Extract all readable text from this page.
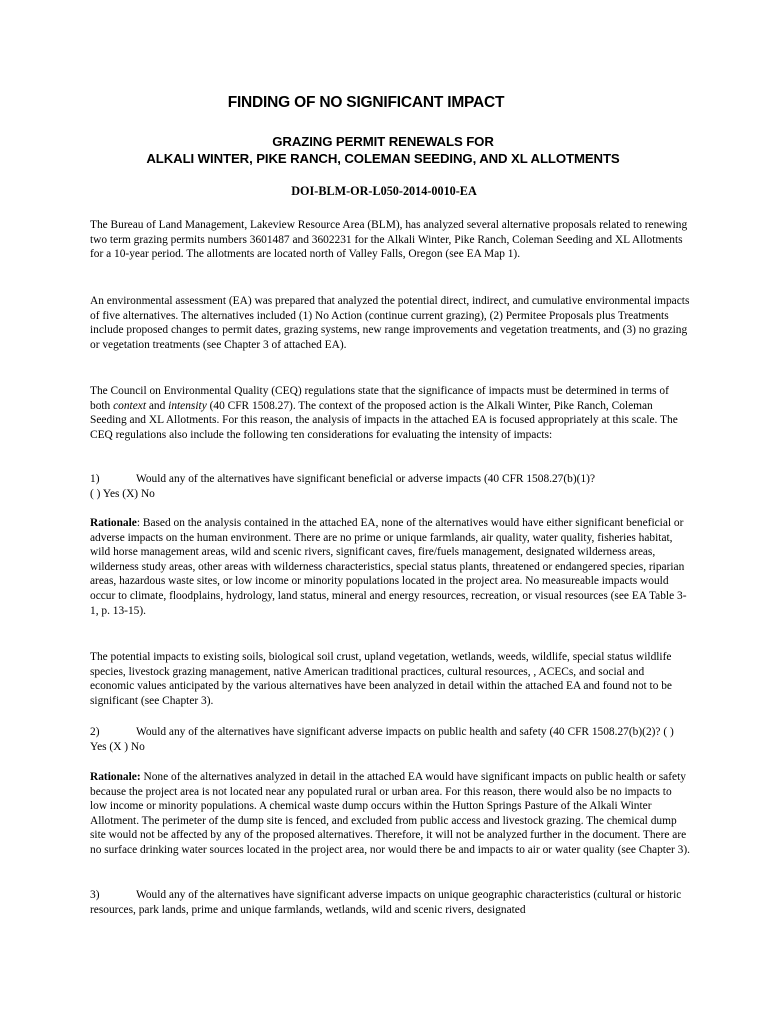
FINDING OF NO SIGNIFICANT IMPACT
GRAZING PERMIT RENEWALS FOR
ALKALI WINTER, PIKE RANCH, COLEMAN SEEDING, AND XL ALLOTMENTS
DOI-BLM-OR-L050-2014-0010-EA

The Bureau of Land Management, Lakeview Resource Area (BLM), has analyzed several alternative proposals related to renewing two term grazing permits numbers 3601487 and 3602231 for the Alkali Winter, Pike Ranch, Coleman Seeding and XL Allotments for a 10-year period. The allotments are located north of Valley Falls, Oregon (see EA Map 1).

An environmental assessment (EA) was prepared that analyzed the potential direct, indirect, and cumulative environmental impacts of five alternatives. The alternatives included (1) No Action (continue current grazing), (2) Permitee Proposals plus Treatments include proposed changes to permit dates, grazing systems, new range improvements and vegetation treatments, and (3) no grazing or vegetation treatments (see Chapter 3 of attached EA).

The Council on Environmental Quality (CEQ) regulations state that the significance of impacts must be determined in terms of both context and intensity (40 CFR 1508.27). The context of the proposed action is the Alkali Winter, Pike Ranch, Coleman Seeding and XL Allotments. For this reason, the analysis of impacts in the attached EA is focused appropriately at this scale. The CEQ regulations also include the following ten considerations for evaluating the intensity of impacts:

1)	Would any of the alternatives have significant beneficial or adverse impacts (40 CFR 1508.27(b)(1)?
( ) Yes (X) No

Rationale: Based on the analysis contained in the attached EA, none of the alternatives would have either significant beneficial or adverse impacts on the human environment. There are no prime or unique farmlands, air quality, water quality, fisheries habitat, wild horse management areas, wild and scenic rivers, significant caves, fire/fuels management, designated wilderness areas, wilderness study areas, other areas with wilderness characteristics, special status plants, threatened or endangered species, riparian areas, hazardous waste sites, or low income or minority populations located in the project area. No measureable impacts would occur to climate, floodplains, hydrology, land status, mineral and energy resources, recreation, or visual resources (see EA Table 3-1, p. 13-15).

The potential impacts to existing soils, biological soil crust, upland vegetation, wetlands, weeds, wildlife, special status wildlife species, livestock grazing management, native American traditional practices, cultural resources, , ACECs, and social and economic values anticipated by the various alternatives have been analyzed in detail within the attached EA and found not to be significant (see Chapter 3).

2)	Would any of the alternatives have significant adverse impacts on public health and safety (40 CFR 1508.27(b)(2)? ( ) Yes (X ) No

Rationale: None of the alternatives analyzed in detail in the attached EA would have significant impacts on public health or safety because the project area is not located near any populated rural or urban area. For this reason, there would also be no impacts to low income or minority populations. A chemical waste dump occurs within the Hutton Springs Pasture of the Alkali Winter Allotment. The perimeter of the dump site is fenced, and excluded from public access and livestock grazing. The chemical dump site would not be affected by any of the proposed alternatives. Therefore, it will not be analyzed further in the document. There are no surface drinking water sources located in the project area, nor would there be and impacts to air or water quality (see Chapter 3).

3)	Would any of the alternatives have significant adverse impacts on unique geographic characteristics (cultural or historic resources, park lands, prime and unique farmlands, wetlands, wild and scenic rivers, designated
